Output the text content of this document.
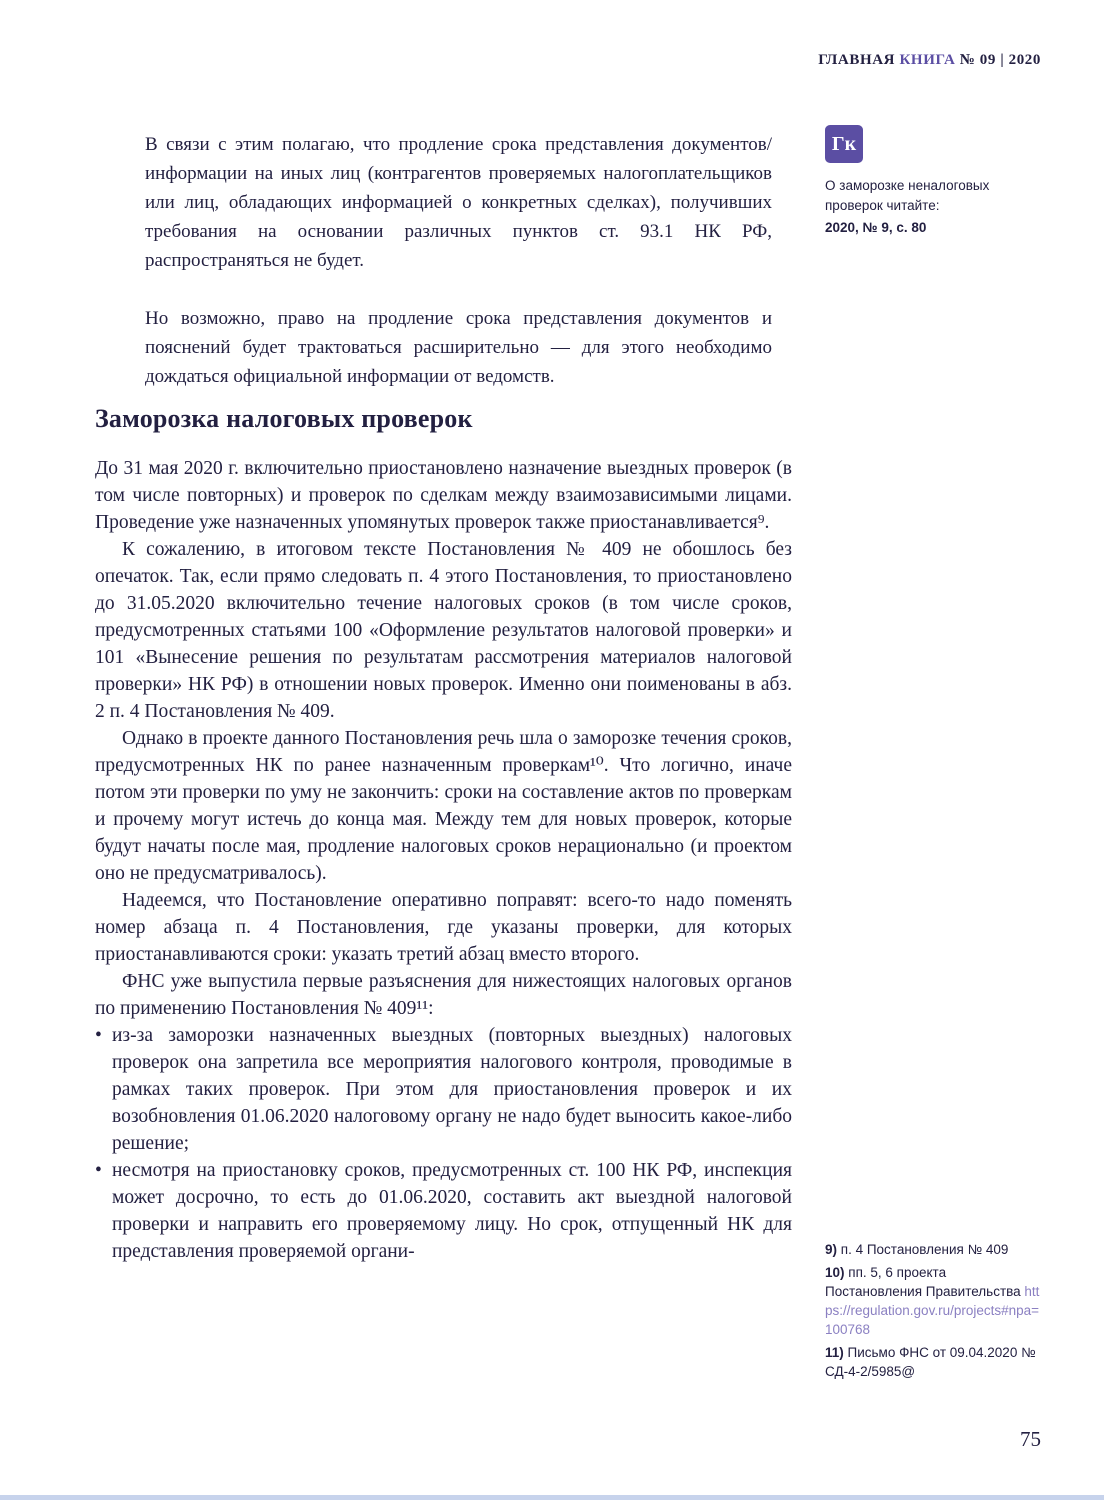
ГЛАВНАЯ КНИГА № 09 | 2020

В связи с этим полагаю, что продление срока представления документов/информации на иных лиц (контрагентов проверяемых налогоплательщиков или лиц, обладающих информацией о конкретных сделках), получивших требования на основании различных пунктов ст. 93.1 НК РФ, распространяться не будет.

Но возможно, право на продление срока представления документов и пояснений будет трактоваться расширительно — для этого необходимо дождаться официальной информации от ведомств.

Гк
О заморозке неналоговых проверок читайте:
2020, № 9, с. 80
Заморозка налоговых проверок

До 31 мая 2020 г. включительно приостановлено назначение выездных проверок (в том числе повторных) и проверок по сделкам между взаимозависимыми лицами. Проведение уже назначенных упомянутых проверок также приостанавливается⁹.

К сожалению, в итоговом тексте Постановления № 409 не обошлось без опечаток. Так, если прямо следовать п. 4 этого Постановления, то приостановлено до 31.05.2020 включительно течение налоговых сроков (в том числе сроков, предусмотренных статьями 100 «Оформление результатов налоговой проверки» и 101 «Вынесение решения по результатам рассмотрения материалов налоговой проверки» НК РФ) в отношении новых проверок. Именно они поименованы в абз. 2 п. 4 Постановления № 409.

Однако в проекте данного Постановления речь шла о заморозке течения сроков, предусмотренных НК по ранее назначенным проверкам¹⁰. Что логично, иначе потом эти проверки по уму не закончить: сроки на составление актов по проверкам и прочему могут истечь до конца мая. Между тем для новых проверок, которые будут начаты после мая, продление налоговых сроков нерационально (и проектом оно не предусматривалось).

Надеемся, что Постановление оперативно поправят: всего-то надо поменять номер абзаца п. 4 Постановления, где указаны проверки, для которых приостанавливаются сроки: указать третий абзац вместо второго.

ФНС уже выпустила первые разъяснения для нижестоящих налоговых органов по применению Постановления № 409¹¹:

• из-за заморозки назначенных выездных (повторных выездных) налоговых проверок она запретила все мероприятия налогового контроля, проводимые в рамках таких проверок. При этом для приостановления проверок и их возобновления 01.06.2020 налоговому органу не надо будет выносить какое-либо решение;
• несмотря на приостановку сроков, предусмотренных ст. 100 НК РФ, инспекция может досрочно, то есть до 01.06.2020, составить акт выездной налоговой проверки и направить его проверяемому лицу. Но срок, отпущенный НК для представления проверяемой органи-	9) п. 4 Постановления № 409
10) пп. 5, 6 проекта Постановления Правительства https://regulation.gov.ru/projects#npa=100768
11) Письмо ФНС от 09.04.2020 № СД-4-2/5985@
75
